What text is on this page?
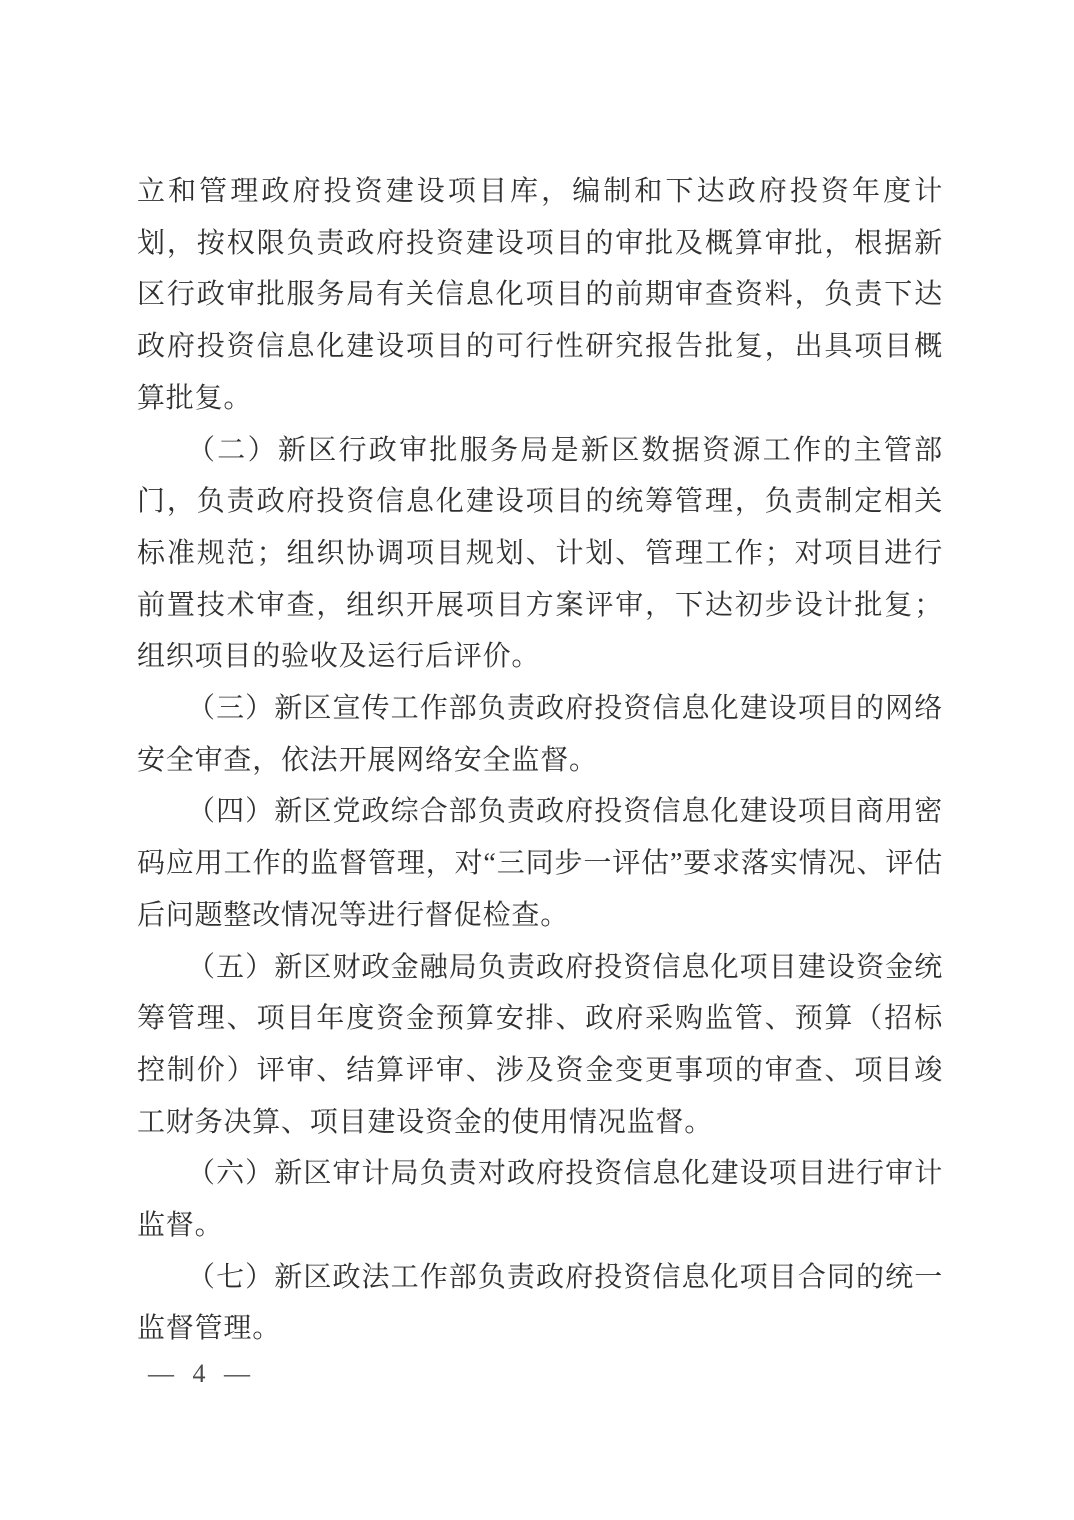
立和管理政府投资建设项目库，编制和下达政府投资年度计划，按权限负责政府投资建设项目的审批及概算审批，根据新区行政审批服务局有关信息化项目的前期审查资料，负责下达政府投资信息化建设项目的可行性研究报告批复，出具项目概算批复。

（二）新区行政审批服务局是新区数据资源工作的主管部门，负责政府投资信息化建设项目的统筹管理，负责制定相关标准规范；组织协调项目规划、计划、管理工作；对项目进行前置技术审查，组织开展项目方案评审，下达初步设计批复；组织项目的验收及运行后评价。

（三）新区宣传工作部负责政府投资信息化建设项目的网络安全审查，依法开展网络安全监督。

（四）新区党政综合部负责政府投资信息化建设项目商用密码应用工作的监督管理，对“三同步一评估”要求落实情况、评估后问题整改情况等进行督促检查。

（五）新区财政金融局负责政府投资信息化项目建设资金统筹管理、项目年度资金预算安排、政府采购监管、预算（招标控制价）评审、结算评审、涉及资金变更事项的审查、项目竣工财务决算、项目建设资金的使用情况监督。

（六）新区审计局负责对政府投资信息化建设项目进行审计监督。

（七）新区政法工作部负责政府投资信息化项目合同的统一监督管理。

— 4 —
